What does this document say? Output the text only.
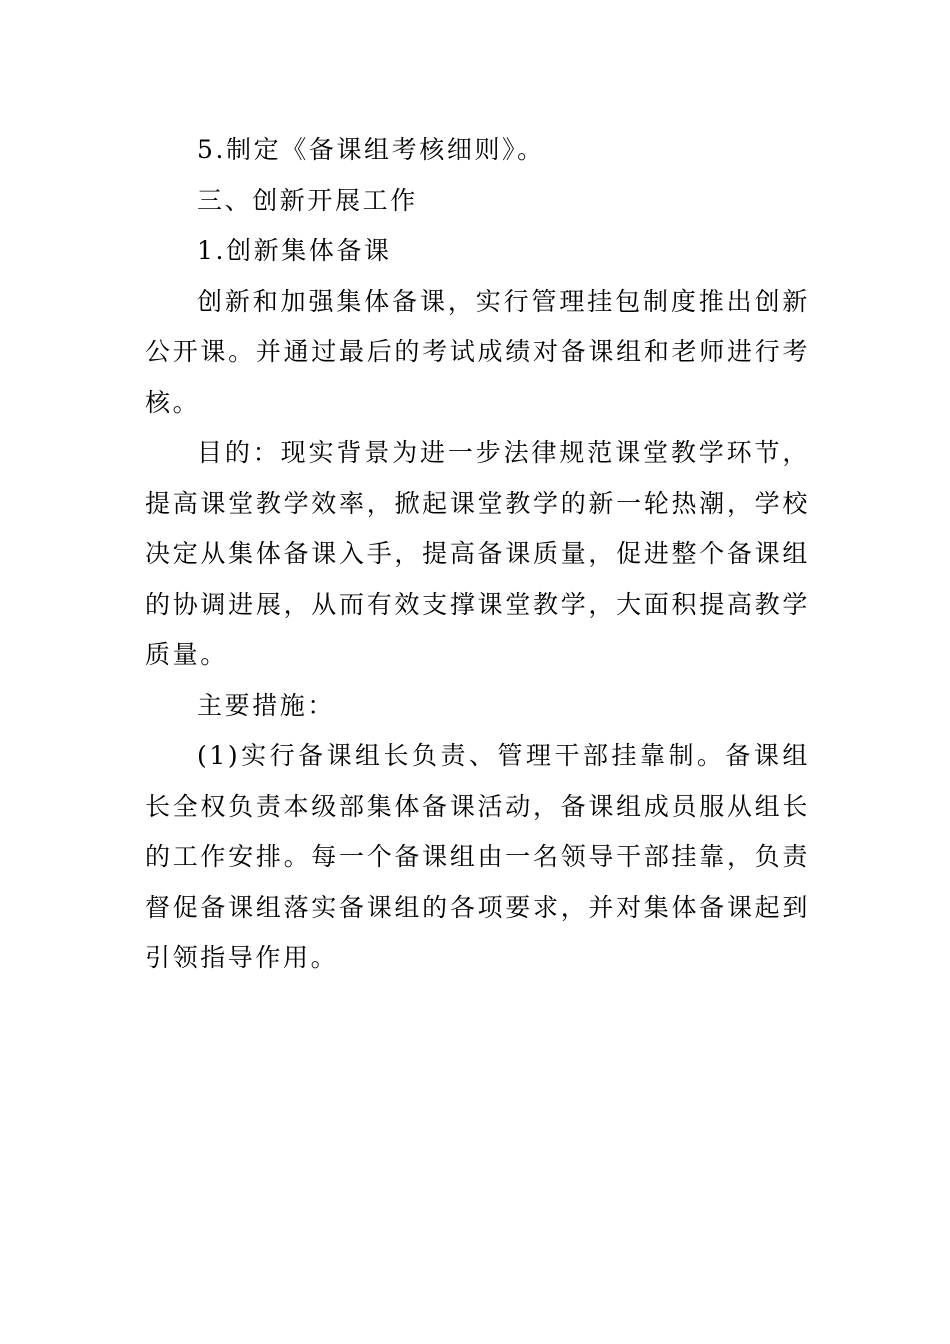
5.制定《备课组考核细则》。

三、创新开展工作

1.创新集体备课

创新和加强集体备课，实行管理挂包制度推出创新公开课。并通过最后的考试成绩对备课组和老师进行考核。

目的：现实背景为进一步法律规范课堂教学环节，提高课堂教学效率，掀起课堂教学的新一轮热潮，学校决定从集体备课入手，提高备课质量，促进整个备课组的协调进展，从而有效支撑课堂教学，大面积提高教学质量。

主要措施：

(1)实行备课组长负责、管理干部挂靠制。备课组长全权负责本级部集体备课活动，备课组成员服从组长的工作安排。每一个备课组由一名领导干部挂靠，负责督促备课组落实备课组的各项要求，并对集体备课起到引领指导作用。
